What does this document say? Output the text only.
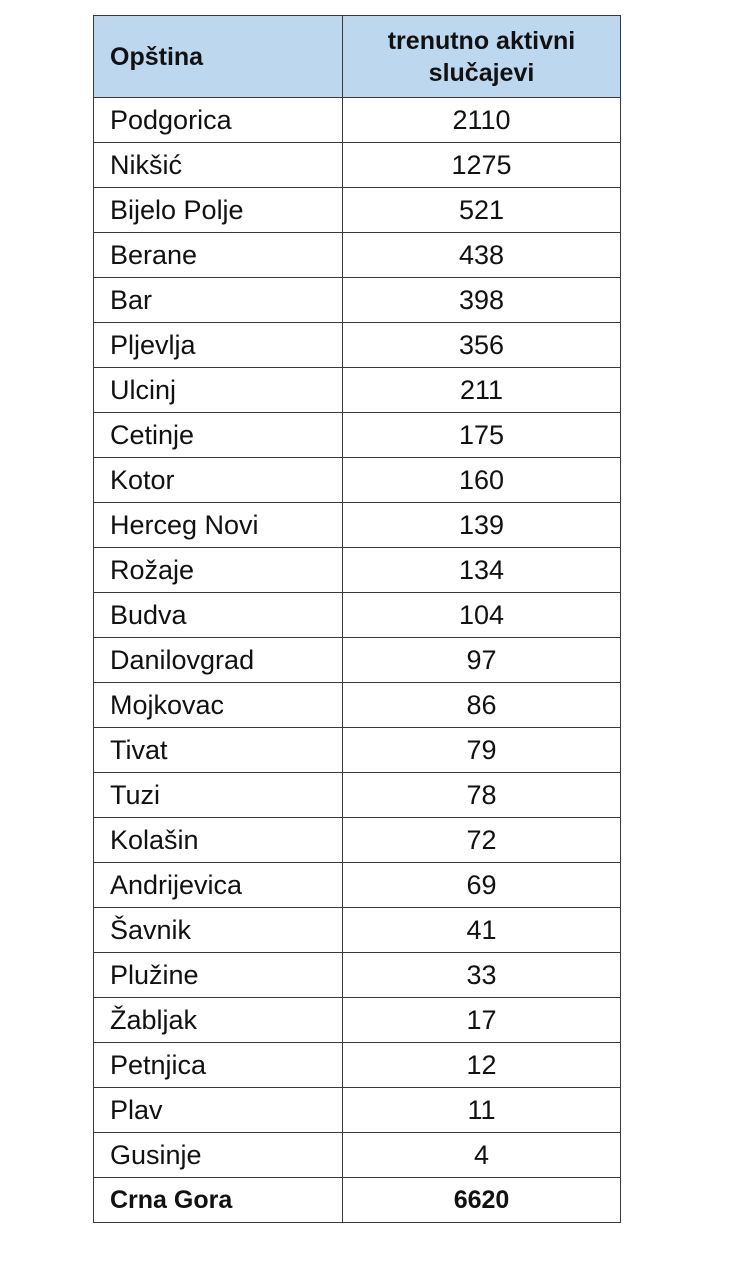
Opština	trenutno aktivni slučajevi
Podgorica	2110
Nikšić	1275
Bijelo Polje	521
Berane	438
Bar	398
Pljevlja	356
Ulcinj	211
Cetinje	175
Kotor	160
Herceg Novi	139
Rožaje	134
Budva	104
Danilovgrad	97
Mojkovac	86
Tivat	79
Tuzi	78
Kolašin	72
Andrijevica	69
Šavnik	41
Plužine	33
Žabljak	17
Petnjica	12
Plav	11
Gusinje	4
Crna Gora	6620
